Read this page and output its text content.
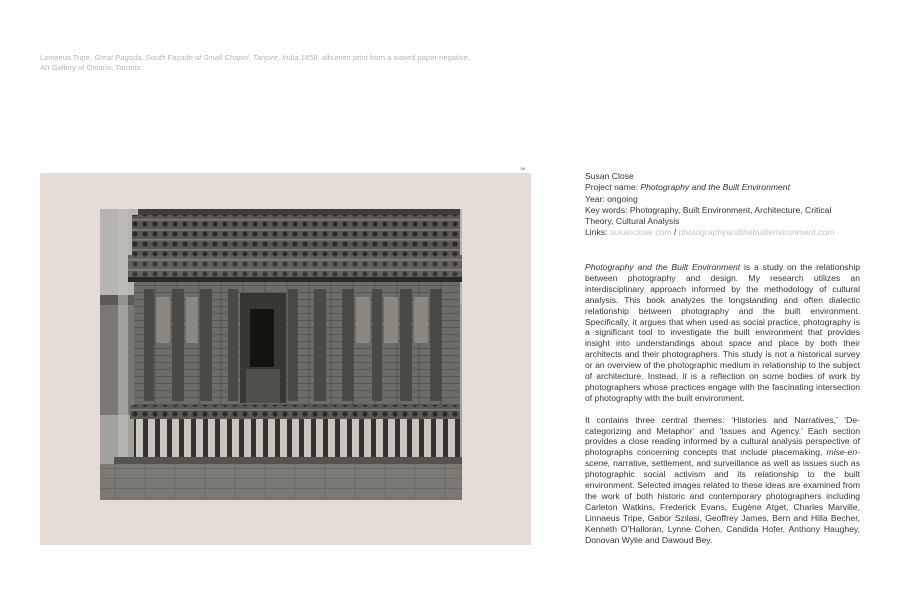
Linnaeus Tripe, Great Pagoda, South Façade of Small Chapel, Tanjore, India 1858, albumen print from a waxed paper negative, Art Gallery of Ontario, Toronto.
58
Susan Close
Project name: Photography and the Built Environment
Year: ongoing
Key words: Photography, Built Environment, Architecture, Critical Theory, Cultural Analysis
Links: susanclose.com / photographyandthebuiltenvironment.com

Photography and the Built Environment is a study on the relationship between photography and design. My research utilizes an interdisciplinary approach informed by the methodology of cultural analysis. This book analyzes the longstanding and often dialectic relationship between photography and the built environment. Specifically, it argues that when used as social practice, photography is a significant tool to investigate the built environment that provides insight into understandings about space and place by both their architects and their photographers. This study is not a historical survey or an overview of the photographic medium in relationship to the subject of architecture. Instead, it is a reflection on some bodies of work by photographers whose practices engage with the fascinating intersection of photography with the built environment.

It contains three central themes: ‘Histories and Narratives,’ ‘De-categorizing and Metaphor’ and ‘Issues and Agency.’ Each section provides a close reading informed by a cultural analysis perspective of photographs concerning concepts that include placemaking, mise-en-scene, narrative, settlement, and surveillance as well as issues such as photographic social activism and its relationship to the built environment. Selected images related to these ideas are examined from the work of both historic and contemporary photographers including Carleton Watkins, Frederick Evans, Eugène Atget, Charles Marville, Linnaeus Tripe, Gabor Szilasi, Geoffrey James, Bern and Hilla Becher, Kenneth O’Halloran, Lynne Cohen, Candida Hofer, Anthony Haughey, Donovan Wylie and Dawoud Bey.
